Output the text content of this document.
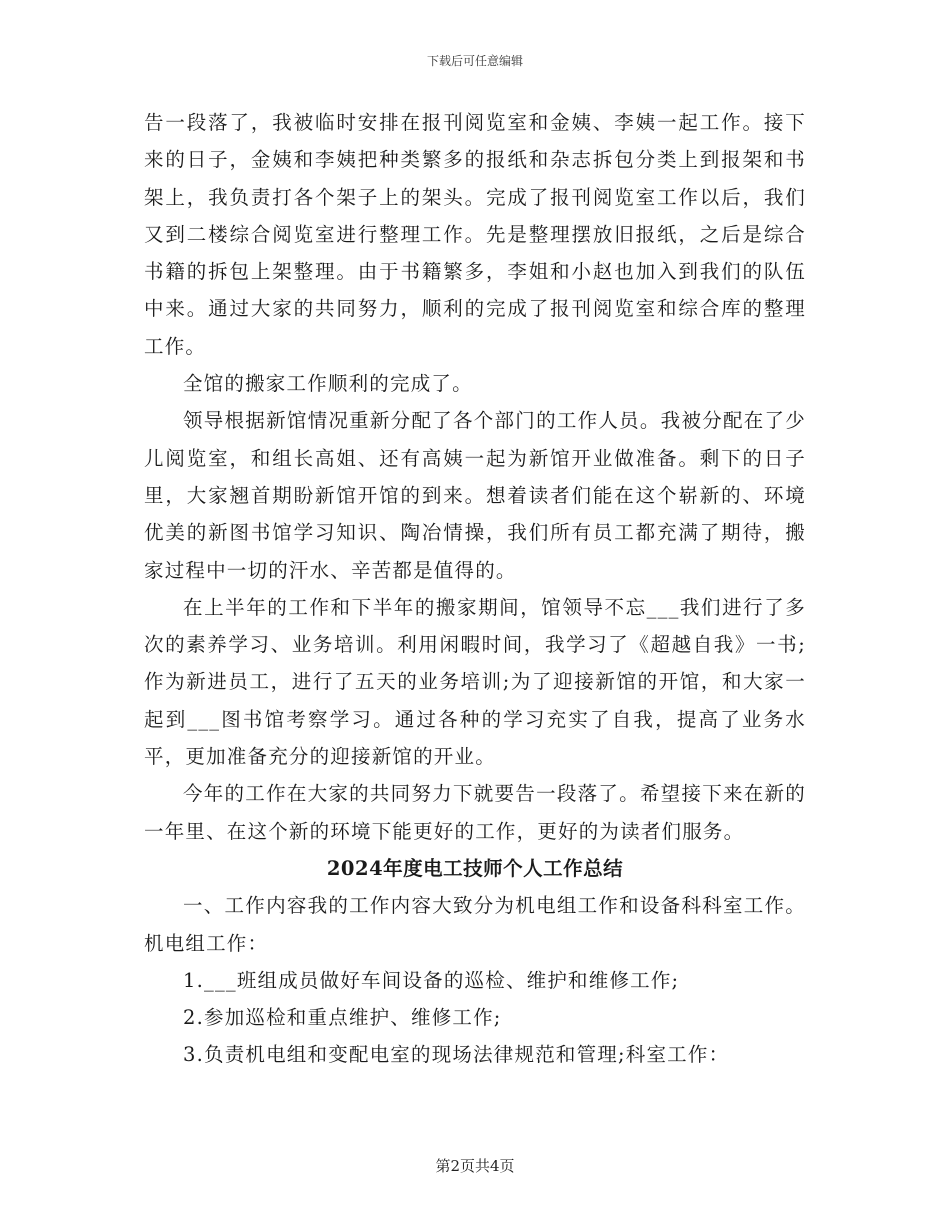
下载后可任意编辑

告一段落了，我被临时安排在报刊阅览室和金姨、李姨一起工作。接下来的日子，金姨和李姨把种类繁多的报纸和杂志拆包分类上到报架和书架上，我负责打各个架子上的架头。完成了报刊阅览室工作以后，我们又到二楼综合阅览室进行整理工作。先是整理摆放旧报纸，之后是综合书籍的拆包上架整理。由于书籍繁多，李姐和小赵也加入到我们的队伍中来。通过大家的共同努力，顺利的完成了报刊阅览室和综合库的整理工作。

全馆的搬家工作顺利的完成了。

领导根据新馆情况重新分配了各个部门的工作人员。我被分配在了少儿阅览室，和组长高姐、还有高姨一起为新馆开业做准备。剩下的日子里，大家翘首期盼新馆开馆的到来。想着读者们能在这个崭新的、环境优美的新图书馆学习知识、陶冶情操，我们所有员工都充满了期待，搬家过程中一切的汗水、辛苦都是值得的。

在上半年的工作和下半年的搬家期间，馆领导不忘___我们进行了多次的素养学习、业务培训。利用闲暇时间，我学习了《超越自我》一书;作为新进员工，进行了五天的业务培训;为了迎接新馆的开馆，和大家一起到___图书馆考察学习。通过各种的学习充实了自我，提高了业务水平，更加准备充分的迎接新馆的开业。

今年的工作在大家的共同努力下就要告一段落了。希望接下来在新的一年里、在这个新的环境下能更好的工作，更好的为读者们服务。

2024年度电工技师个人工作总结

一、工作内容我的工作内容大致分为机电组工作和设备科科室工作。机电组工作：

1.___班组成员做好车间设备的巡检、维护和维修工作;

2.参加巡检和重点维护、维修工作;

3.负责机电组和变配电室的现场法律规范和管理;科室工作：

第2页共4页
